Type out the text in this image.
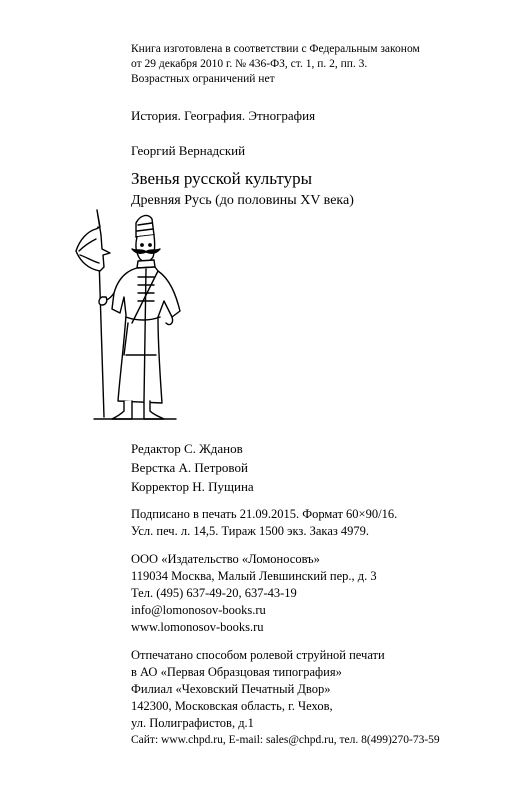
Книга изготовлена в соответствии с Федеральным законом
от 29 декабря 2010 г. № 436-ФЗ, ст. 1, п. 2, пп. 3.
Возрастных ограничений нет
История. География. Этнография
Георгий Вернадский
Звенья русской культуры
Древняя Русь (до половины XV века)
Редактор С. Жданов
Верстка А. Петровой
Корректор Н. Пущина
Подписано в печать 21.09.2015. Формат 60×90/16.
Усл. печ. л. 14,5. Тираж 1500 экз. Заказ 4979.
ООО «Издательство «Ломоносовъ»
119034 Москва, Малый Левшинский пер., д. 3
Тел. (495) 637-49-20, 637-43-19
info@lomonosov-books.ru
www.lomonosov-books.ru
Отпечатано способом ролевой струйной печати
в АО «Первая Образцовая типография»
Филиал «Чеховский Печатный Двор»
142300, Московская область, г. Чехов,
ул. Полиграфистов, д.1
Сайт: www.chpd.ru, E-mail: sales@chpd.ru, тел. 8(499)270-73-59
